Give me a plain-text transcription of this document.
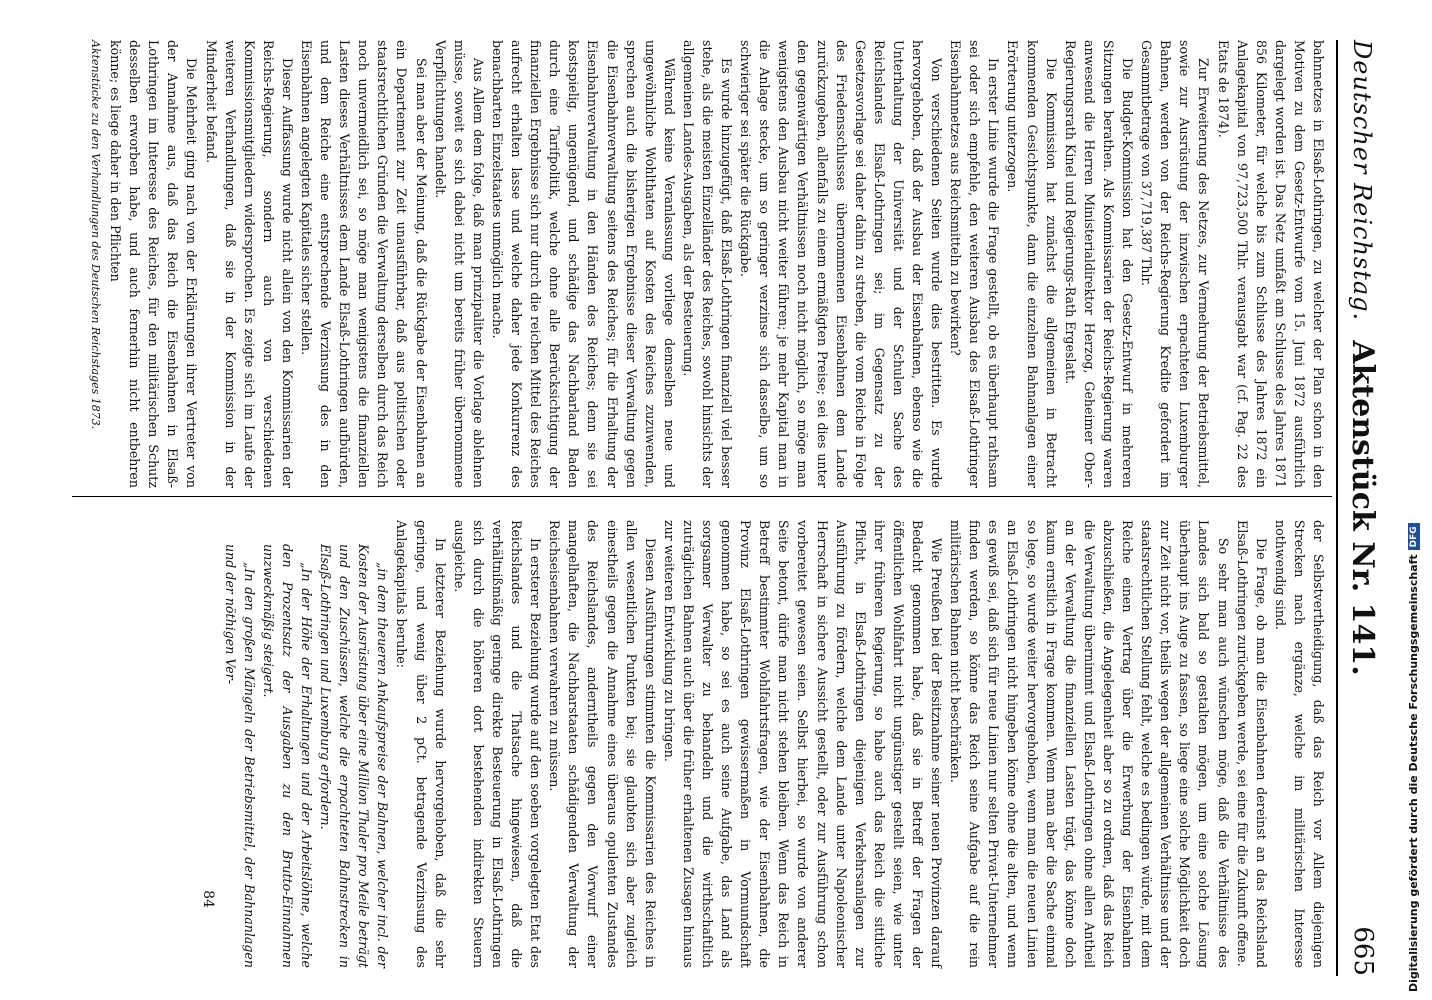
Deutscher Reichstag.
Aktenstück Nr. 141.
665

bahnnetzes in Elsaß-Lothringen, zu welcher der Plan schon in den Motiven zu dem Gesetz-Entwurfe vom 15. Juni 1872 ausführlich dargelegt worden ist. Das Netz umfaßt am Schlusse des Jahres 1871 856 Kilometer, für welche bis zum Schlusse des Jahres 1872 ein Anlagekapital von 97,723,500 Thlr. verausgabt war (cf. Pag. 22 des Etats de 1874).

Zur Erweiterung des Netzes, zur Vermehrung der Betriebsmittel, sowie zur Ausrüstung der inzwischen erpachteten Luxemburger Bahnen, werden von der Reichs-Regierung Kredite gefordert im Gesammtbetrage von 37,719,387 Thlr.

Die Budget-Kommission hat den Gesetz-Entwurf in mehreren Sitzungen berathen. Als Kommissarien der Reichs-Regierung waren anwesend die Herren Ministerialdirektor Herzog, Geheimer Ober-Regierungsrath Kinel und Regierungs-Rath Ergeslatt.

Die Kommission hat zunächst die allgemeinen in Betracht kommenden Gesichtspunkte, dann die einzelnen Bahnanlagen einer Erörterung unterzogen.

In erster Linie wurde die Frage gestellt, ob es überhaupt rathsam sei oder sich empfehle, den weiteren Ausbau des Elsaß-Lothringer Eisenbahnnetzes aus Reichsmitteln zu bewirken?

Von verschiedenen Seiten wurde dies bestritten. Es wurde hervorgehoben, daß der Ausbau der Eisenbahnen, ebenso wie die Unterhaltung der Universität und der Schulen Sache des Reichslandes Elsaß-Lothringen sei; im Gegensatz zu der Gesetzesvorlage sei daher dahin zu streben, die vom Reiche in Folge des Friedensschlusses übernommenen Eisenbahnen dem Lande zurückzugeben, allenfalls zu einem ermäßigten Preise; sei dies unter den gegenwärtigen Verhältnissen noch nicht möglich, so möge man wenigstens den Ausbau nicht weiter führen; je mehr Kapital man in die Anlage stecke, um so geringer verzinse sich dasselbe, um so schwieriger sei später die Rückgabe.

Es wurde hinzugefügt, daß Elsaß-Lothringen finanziell viel besser stehe, als die meisten Einzelländer des Reiches, sowohl hinsichts der allgemeinen Landes-Ausgaben, als der Besteuerung.

Während keine Veranlassung vorliege demselben neue und ungewöhnliche Wohlthaten auf Kosten des Reiches zuzuwenden, sprechen auch die bisherigen Ergebnisse dieser Verwaltung gegen die Eisenbahnverwaltung seitens des Reiches; für die Erhaltung der Eisenbahnverwaltung in den Händen des Reiches; denn sie sei kostspielig, ungenügend, und schädige das Nachbarland Baden durch eine Tarifpolitik, welche ohne alle Berücksichtigung der finanziellen Ergebnisse sich nur durch die reichen Mittel des Reiches aufrecht erhalten lasse und welche daher jede Konkurrenz des benachbarten Einzelstaates unmöglich mache.

Aus Allem dem folge, daß man prinzipaliter die Vorlage ablehnen müsse, soweit es sich dabei nicht um bereits früher übernommene Verpflichtungen handelt.

Sei man aber der Meinung, daß die Rückgabe der Eisenbahnen an ein Departement zur Zeit unausführbar, daß aus politischen oder staatsrechtlichen Gründen die Verwaltung derselben durch das Reich noch unvermeidlich sei, so möge man wenigstens die finanziellen Lasten dieses Verhältnisses dem Lande Elsaß-Lothringen aufbürden, und dem Reiche eine entsprechende Verzinsung des in den Eisenbahnen angelegten Kapitales sicher stellen.

Dieser Auffassung wurde nicht allein von den Kommissarien der Reichs-Regierung, sondern auch von verschiedenen Kommissionsmitgliedern widersprochen. Es zeigte sich im Laufe der weiteren Verhandlungen, daß sie in der Kommission in der Minderheit befand.

Die Mehrheit ging nach von der Erklärungen ihrer Vertreter von der Annahme aus, daß das Reich die Eisenbahnen in Elsaß-Lothringen im Interesse des Reiches, für den militärischen Schutz desselben erworben habe, und auch fernerhin nicht entbehren könne; es liege daher in den Pflichten

Aktenstücke zu den Verhandlungen des Deutschen Reichstages 1873.

der Selbstvertheidigung, daß das Reich vor Allem diejenigen Strecken nach ergänze, welche im militärischen Interesse nothwendig sind.

Die Frage, ob man die Eisenbahnen dereinst an das Reichsland Elsaß-Lothringen zurückgeben werde, sei eine für die Zukunft offene.

So sehr man auch wünschen möge, daß die Verhältnisse des Landes sich bald so gestalten mögen, um eine solche Lösung überhaupt ins Auge zu fassen, so liege eine solche Möglichkeit doch zur Zeit nicht vor, theils wegen der allgemeinen Verhältnisse und der staatsrechtlichen Stellung fehlt, welche es bedingen würde, mit dem Reiche einen Vertrag über die Erwerbung der Eisenbahnen abzuschließen, die Angelegenheit aber so zu ordnen, daß das Reich die Verwaltung übernimmt und Elsaß-Lothringen ohne allen Antheil an der Verwaltung die finanziellen Lasten trägt, das könne doch kaum ernstlich in Frage kommen. Wenn man aber die Sache einmal so lege, so wurde weiter hervorgehoben, wenn man die neuen Linien an Elsaß-Lothringen nicht hingeben könne ohne die alten, und wenn es gewiß sei, daß sich für neue Linien nur selten Privat-Unternehmer finden werden, so könne das Reich seine Aufgabe auf die rein militärischen Bahnen nicht beschränken.

Wie Preußen bei der Besitznahme seiner neuen Provinzen darauf Bedacht genommen habe, daß sie in Betreff der Fragen der öffentlichen Wohlfahrt nicht ungünstiger gestellt seien, wie unter ihrer früheren Regierung, so habe auch das Reich die sittliche Pflicht, in Elsaß-Lothringen diejenigen Verkehrsanlagen zur Ausführung zu fördern, welche dem Lande unter Napoleonischer Herrschaft in sichere Aussicht gestellt, oder zur Ausführung schon vorbereitet gewesen seien. Selbst hierbei, so wurde von anderer Seite betont, dürfe man nicht stehen bleiben. Wenn das Reich in Betreff bestimmter Wohlfahrtsfragen, wie der Eisenbahnen, die Provinz Elsaß-Lothringen gewissermaßen in Vormundschaft genommen habe, so sei es auch seine Aufgabe, das Land als sorgsamer Verwalter zu behandeln und die wirthschaftlich zuträglichen Bahnen auch über die früher erhaltenen Zusagen hinaus zur weiteren Entwicklung zu bringen.

Diesen Ausführungen stimmten die Kommissarien des Reiches in allen wesentlichen Punkten bei; sie glaubten sich aber zugleich einestheils gegen die Annahme eines überaus opulenten Zustandes des Reichslandes, anderntheils gegen den Vorwurf einer mangelhaften, die Nachbarstaaten schädigenden Verwaltung der Reichseisenbahnen verwahren zu müssen.

In ersterer Beziehung wurde auf den soeben vorgelegten Etat des Reichslandes und die Thatsache hingewiesen, daß die verhältnißmäßig geringe direkte Besteuerung in Elsaß-Lothringen sich durch die höheren dort bestehenden indirekten Steuern ausgleiche.

In letzterer Beziehung wurde hervorgehoben, daß die sehr geringe, und wenig über 2 pCt. betragende Verzinsung des Anlagekapitals beruhe:

„in dem theueren Ankaufspreise der Bahnen, welcher incl. der Kosten der Ausrüstung über eine Million Thaler pro Meile beträgt und den Zuschüssen, welche die erpachteten Bahnstrecken in Elsaß-Lothringen und Luxemburg erfordern.

„In der Höhe der Erhaltungen und der Arbeitslöhne, welche den Prozentsatz der Ausgaben zu den Brutto-Einnahmen unzweckmäßig steigert.

„In den großen Mängeln der Betriebsmittel, der Bahnanlagen und der nöthigen Ver-

84	Digitalisierung gefördert durch die Deutsche ForschungsgemeinschaftDFG
